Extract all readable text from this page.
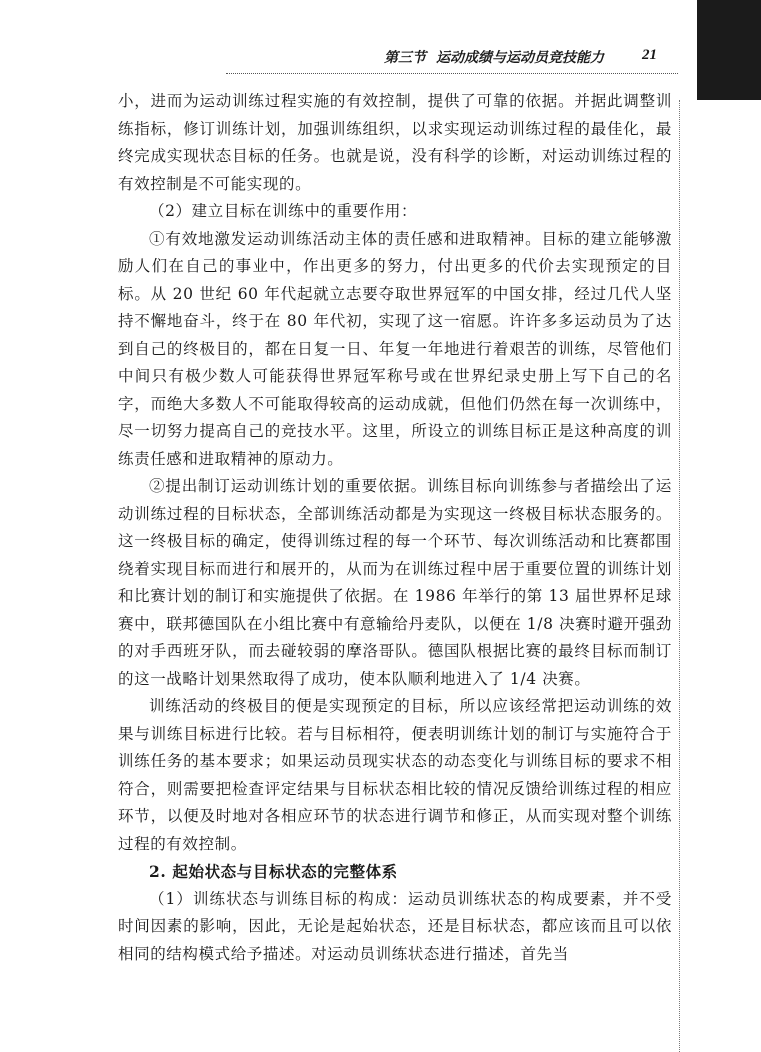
第三节 运动成绩与运动员竞技能力	21

小，进而为运动训练过程实施的有效控制，提供了可靠的依据。并据此调整训练指标，修订训练计划，加强训练组织，以求实现运动训练过程的最佳化，最终完成实现状态目标的任务。也就是说，没有科学的诊断，对运动训练过程的有效控制是不可能实现的。

（2）建立目标在训练中的重要作用：

①有效地激发运动训练活动主体的责任感和进取精神。目标的建立能够激励人们在自己的事业中，作出更多的努力，付出更多的代价去实现预定的目标。从 20 世纪 60 年代起就立志要夺取世界冠军的中国女排，经过几代人坚持不懈地奋斗，终于在 80 年代初，实现了这一宿愿。许许多多运动员为了达到自己的终极目的，都在日复一日、年复一年地进行着艰苦的训练，尽管他们中间只有极少数人可能获得世界冠军称号或在世界纪录史册上写下自己的名字，而绝大多数人不可能取得较高的运动成就，但他们仍然在每一次训练中，尽一切努力提高自己的竞技水平。这里，所设立的训练目标正是这种高度的训练责任感和进取精神的原动力。

②提出制订运动训练计划的重要依据。训练目标向训练参与者描绘出了运动训练过程的目标状态，全部训练活动都是为实现这一终极目标状态服务的。这一终极目标的确定，使得训练过程的每一个环节、每次训练活动和比赛都围绕着实现目标而进行和展开的，从而为在训练过程中居于重要位置的训练计划和比赛计划的制订和实施提供了依据。在 1986 年举行的第 13 届世界杯足球赛中，联邦德国队在小组比赛中有意输给丹麦队，以便在 1/8 决赛时避开强劲的对手西班牙队，而去碰较弱的摩洛哥队。德国队根据比赛的最终目标而制订的这一战略计划果然取得了成功，使本队顺利地进入了 1/4 决赛。

训练活动的终极目的便是实现预定的目标，所以应该经常把运动训练的效果与训练目标进行比较。若与目标相符，便表明训练计划的制订与实施符合于训练任务的基本要求；如果运动员现实状态的动态变化与训练目标的要求不相符合，则需要把检查评定结果与目标状态相比较的情况反馈给训练过程的相应环节，以便及时地对各相应环节的状态进行调节和修正，从而实现对整个训练过程的有效控制。

2. 起始状态与目标状态的完整体系

（1）训练状态与训练目标的构成：运动员训练状态的构成要素，并不受时间因素的影响，因此，无论是起始状态，还是目标状态，都应该而且可以依相同的结构模式给予描述。对运动员训练状态进行描述，首先当
